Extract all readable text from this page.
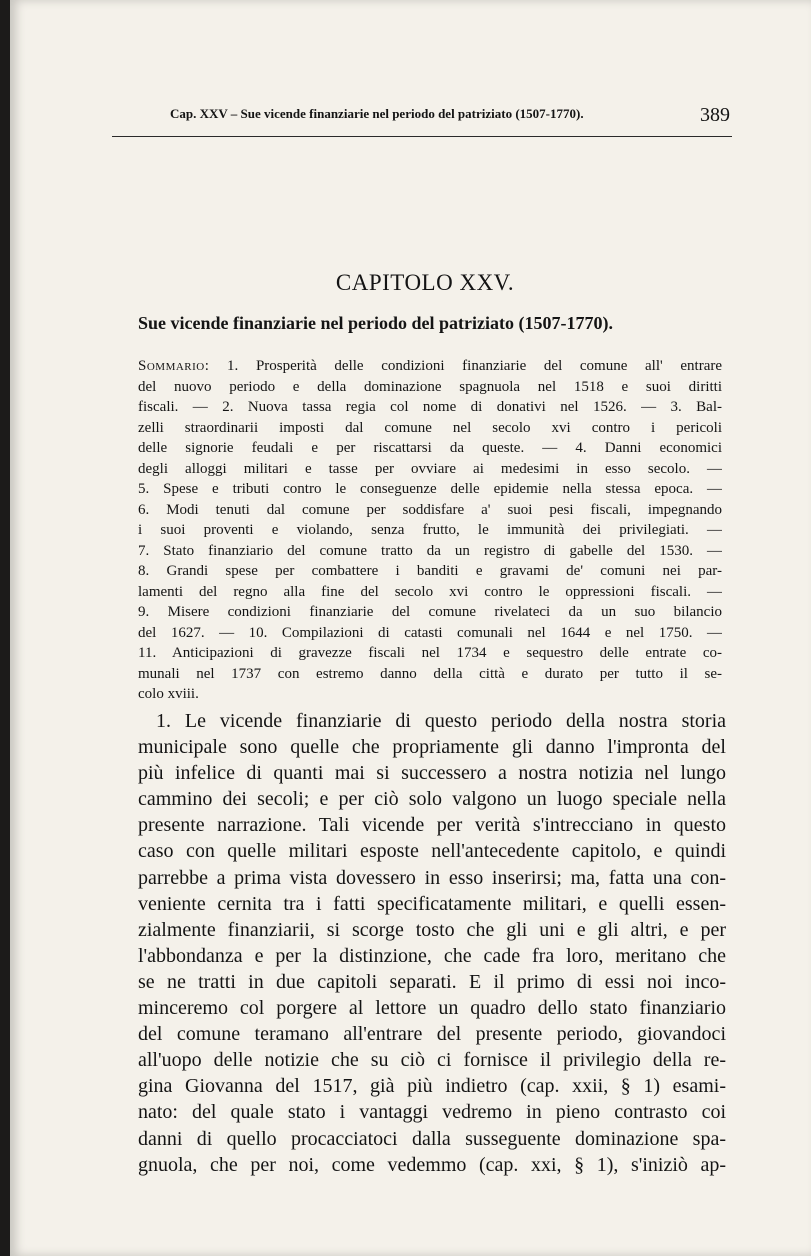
Cap. XXV – Sue vicende finanziarie nel periodo del patriziato (1507-1770).	389
CAPITOLO XXV.
Sue vicende finanziarie nel periodo del patriziato (1507-1770).
Sommario: 1. Prosperità delle condizioni finanziarie del comune all' entrare
del nuovo periodo e della dominazione spagnuola nel 1518 e suoi diritti
fiscali. — 2. Nuova tassa regia col nome di donativi nel 1526. — 3. Bal-
zelli straordinarii imposti dal comune nel secolo xvi contro i pericoli
delle signorie feudali e per riscattarsi da queste. — 4. Danni economici
degli alloggi militari e tasse per ovviare ai medesimi in esso secolo. —
5. Spese e tributi contro le conseguenze delle epidemie nella stessa epoca. —
6. Modi tenuti dal comune per soddisfare a' suoi pesi fiscali, impegnando
i suoi proventi e violando, senza frutto, le immunità dei privilegiati. —
7. Stato finanziario del comune tratto da un registro di gabelle del 1530. —
8. Grandi spese per combattere i banditi e gravami de' comuni nei par-
lamenti del regno alla fine del secolo xvi contro le oppressioni fiscali. —
9. Misere condizioni finanziarie del comune rivelateci da un suo bilancio
del 1627. — 10. Compilazioni di catasti comunali nel 1644 e nel 1750. —
11. Anticipazioni di gravezze fiscali nel 1734 e sequestro delle entrate co-
munali nel 1737 con estremo danno della città e durato per tutto il se-
colo xviii.
1. Le vicende finanziarie di questo periodo della nostra storia
municipale sono quelle che propriamente gli danno l'impronta del
più infelice di quanti mai si successero a nostra notizia nel lungo
cammino dei secoli; e per ciò solo valgono un luogo speciale nella
presente narrazione. Tali vicende per verità s'intrecciano in questo
caso con quelle militari esposte nell'antecedente capitolo, e quindi
parrebbe a prima vista dovessero in esso inserirsi; ma, fatta una con-
veniente cernita tra i fatti specificatamente militari, e quelli essen-
zialmente finanziarii, si scorge tosto che gli uni e gli altri, e per
l'abbondanza e per la distinzione, che cade fra loro, meritano che
se ne tratti in due capitoli separati. E il primo di essi noi inco-
minceremo col porgere al lettore un quadro dello stato finanziario
del comune teramano all'entrare del presente periodo, giovandoci
all'uopo delle notizie che su ciò ci fornisce il privilegio della re-
gina Giovanna del 1517, già più indietro (cap. xxii, § 1) esami-
nato: del quale stato i vantaggi vedremo in pieno contrasto coi
danni di quello procacciatoci dalla susseguente dominazione spa-
gnuola, che per noi, come vedemmo (cap. xxi, § 1), s'iniziò ap-
